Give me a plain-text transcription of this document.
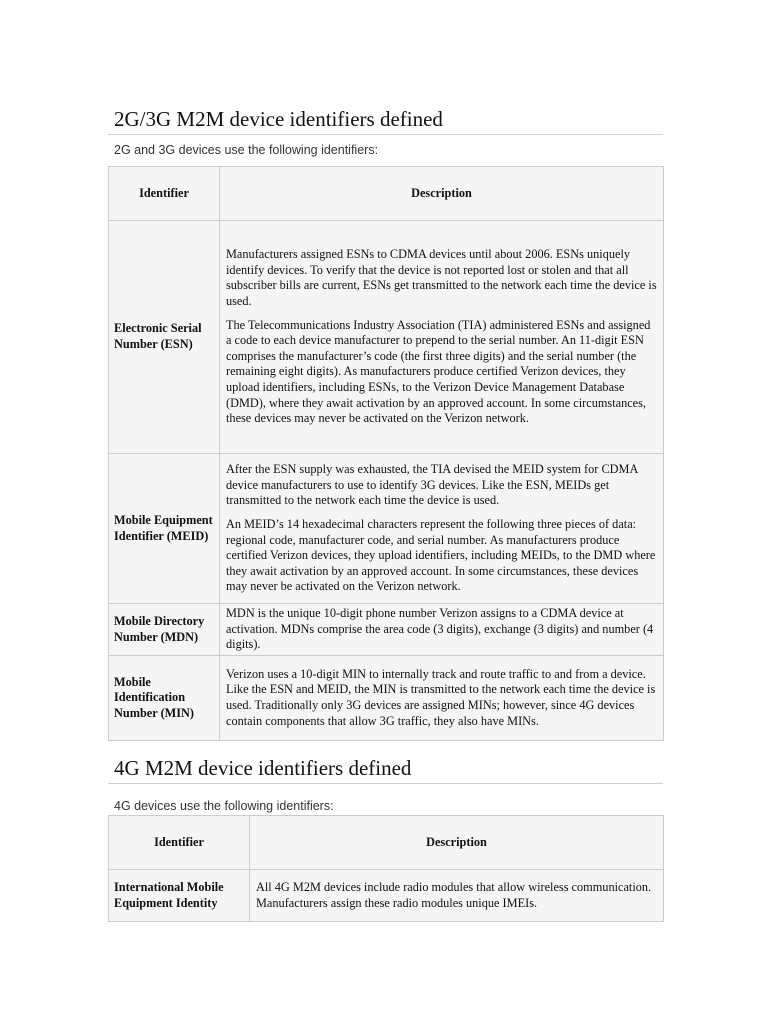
2G/3G M2M device identifiers defined
2G and 3G devices use the following identifiers:
Identifier	Description
Electronic Serial Number (ESN)	Manufacturers assigned ESNs to CDMA devices until about 2006. ESNs uniquely identify devices. To verify that the device is not reported lost or stolen and that all subscriber bills are current, ESNs get transmitted to the network each time the device is used.

The Telecommunications Industry Association (TIA) administered ESNs and assigned a code to each device manufacturer to prepend to the serial number. An 11-digit ESN comprises the manufacturer’s code (the first three digits) and the serial number (the remaining eight digits). As manufacturers produce certified Verizon devices, they upload identifiers, including ESNs, to the Verizon Device Management Database (DMD), where they await activation by an approved account. In some circumstances, these devices may never be activated on the Verizon network.

Mobile Equipment Identifier (MEID)	After the ESN supply was exhausted, the TIA devised the MEID system for CDMA device manufacturers to use to identify 3G devices. Like the ESN, MEIDs get transmitted to the network each time the device is used.

An MEID’s 14 hexadecimal characters represent the following three pieces of data: regional code, manufacturer code, and serial number. As manufacturers produce certified Verizon devices, they upload identifiers, including MEIDs, to the DMD where they await activation by an approved account. In some circumstances, these devices may never be activated on the Verizon network.

Mobile Directory Number (MDN)	MDN is the unique 10-digit phone number Verizon assigns to a CDMA device at activation. MDNs comprise the area code (3 digits), exchange (3 digits) and number (4 digits).

Mobile Identification Number (MIN)	Verizon uses a 10-digit MIN to internally track and route traffic to and from a device. Like the ESN and MEID, the MIN is transmitted to the network each time the device is used. Traditionally only 3G devices are assigned MINs; however, since 4G devices contain components that allow 3G traffic, they also have MINs.

4G M2M device identifiers defined
4G devices use the following identifiers:
Identifier	Description
International Mobile Equipment Identity	All 4G M2M devices include radio modules that allow wireless communication. Manufacturers assign these radio modules unique IMEIs.
